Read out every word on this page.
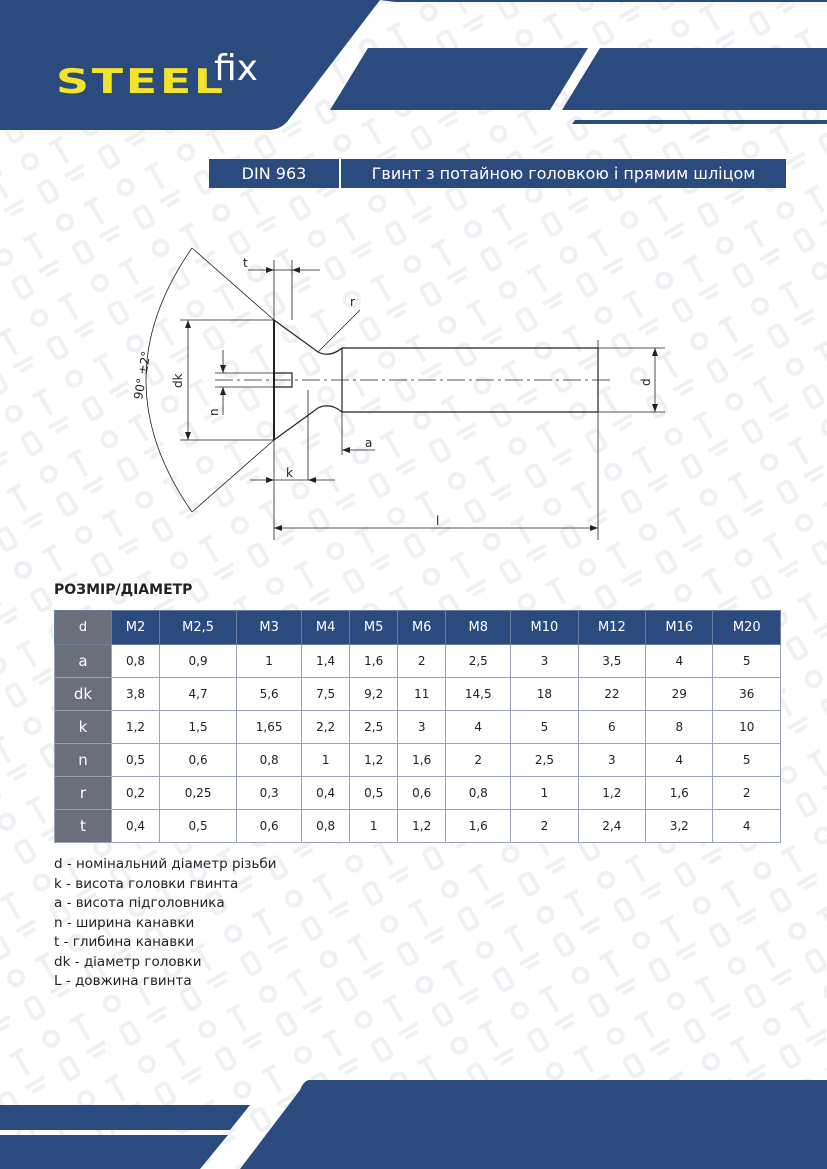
STEEL
fix
DIN 963	Гвинт з потайною головкою і прямим шліцом
t
r
dk
n
d
a
k
l
90° ±2°
РОЗМІР/ДІАМЕТР
d	M2	M2,5	M3	M4	M5	M6	M8	M10	M12	M16	M20
a	0,8	0,9	1	1,4	1,6	2	2,5	3	3,5	4	5
dk	3,8	4,7	5,6	7,5	9,2	11	14,5	18	22	29	36
k	1,2	1,5	1,65	2,2	2,5	3	4	5	6	8	10
n	0,5	0,6	0,8	1	1,2	1,6	2	2,5	3	4	5
r	0,2	0,25	0,3	0,4	0,5	0,6	0,8	1	1,2	1,6	2
t	0,4	0,5	0,6	0,8	1	1,2	1,6	2	2,4	3,2	4
d - номінальний діаметр різьби
k - висота головки гвинта
a - висота підголовника
n - ширина канавки
t - глибина канавки
dk - діаметр головки
L - довжина гвинта
